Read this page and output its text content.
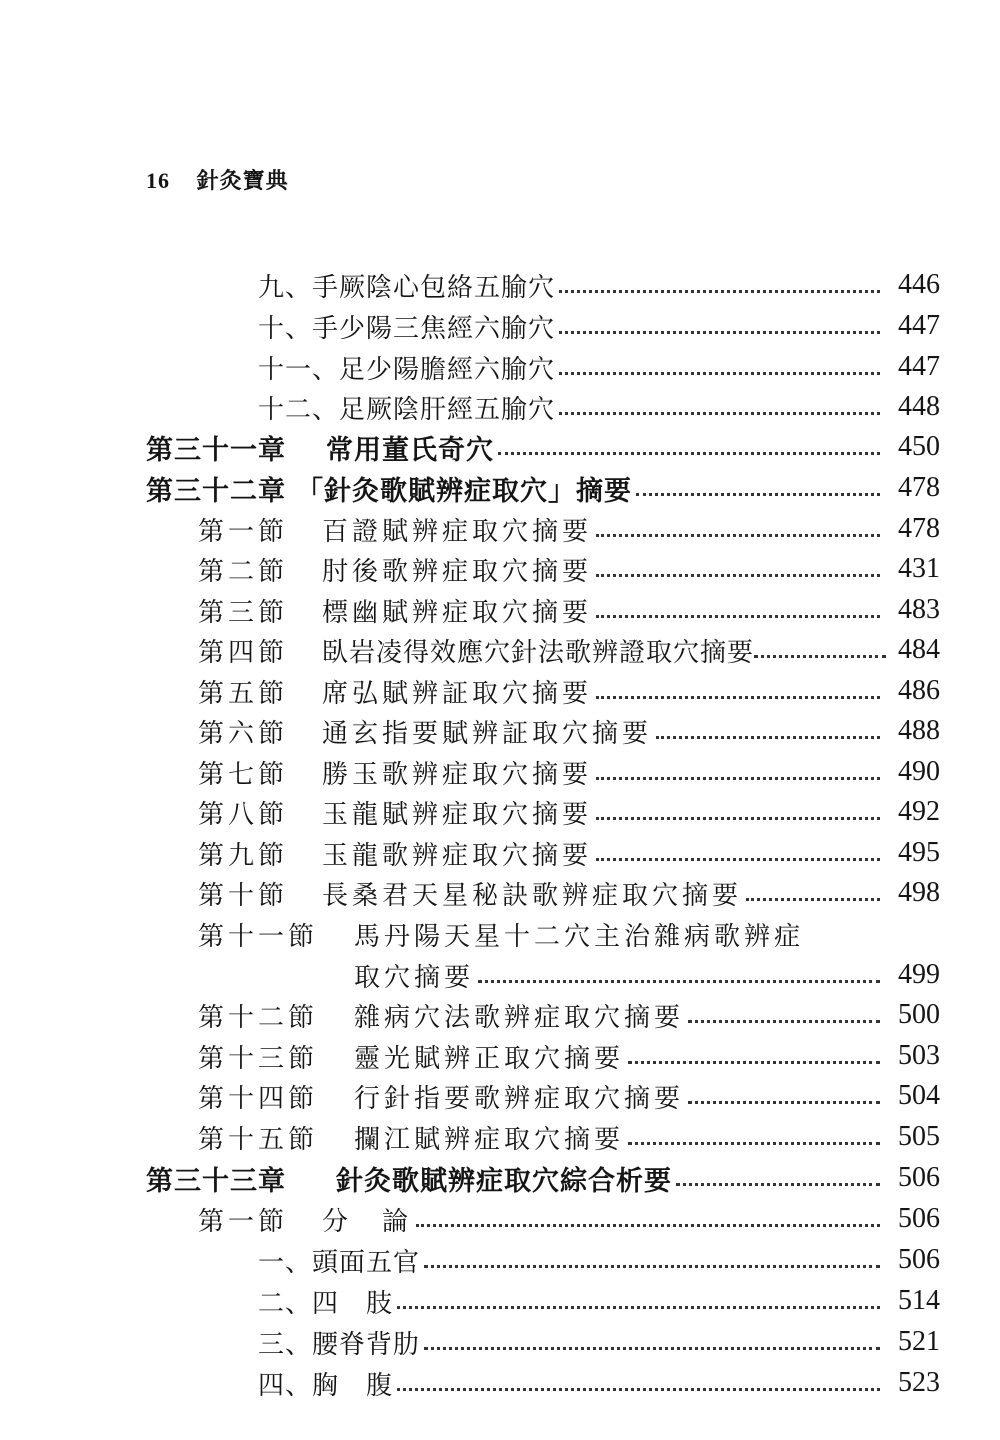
16 針灸寶典
九、手厥陰心包絡五腧穴	446
十、手少陽三焦經六腧穴	447
十一、足少陽膽經六腧穴	447
十二、足厥陰肝經五腧穴	448
第三十一章	常用董氏奇穴	450
第三十二章 「針灸歌賦辨症取穴」摘要	478
第一節	百證賦辨症取穴摘要	478
第二節	肘後歌辨症取穴摘要	431
第三節	標幽賦辨症取穴摘要	483
第四節	臥岩凌得效應穴針法歌辨證取穴摘要	484
第五節	席弘賦辨証取穴摘要	486
第六節	通玄指要賦辨証取穴摘要	488
第七節	勝玉歌辨症取穴摘要	490
第八節	玉龍賦辨症取穴摘要	492
第九節	玉龍歌辨症取穴摘要	495
第十節	長桑君天星秘訣歌辨症取穴摘要	498
第十一節	馬丹陽天星十二穴主治雜病歌辨症
取穴摘要	499
第十二節	雜病穴法歌辨症取穴摘要	500
第十三節	靈光賦辨正取穴摘要	503
第十四節	行針指要歌辨症取穴摘要	504
第十五節	攔江賦辨症取穴摘要	505
第三十三章	針灸歌賦辨症取穴綜合析要	506
第一節	分　論	506
一、頭面五官	506
二、四　肢	514
三、腰脊背肋	521
四、胸　腹	523
